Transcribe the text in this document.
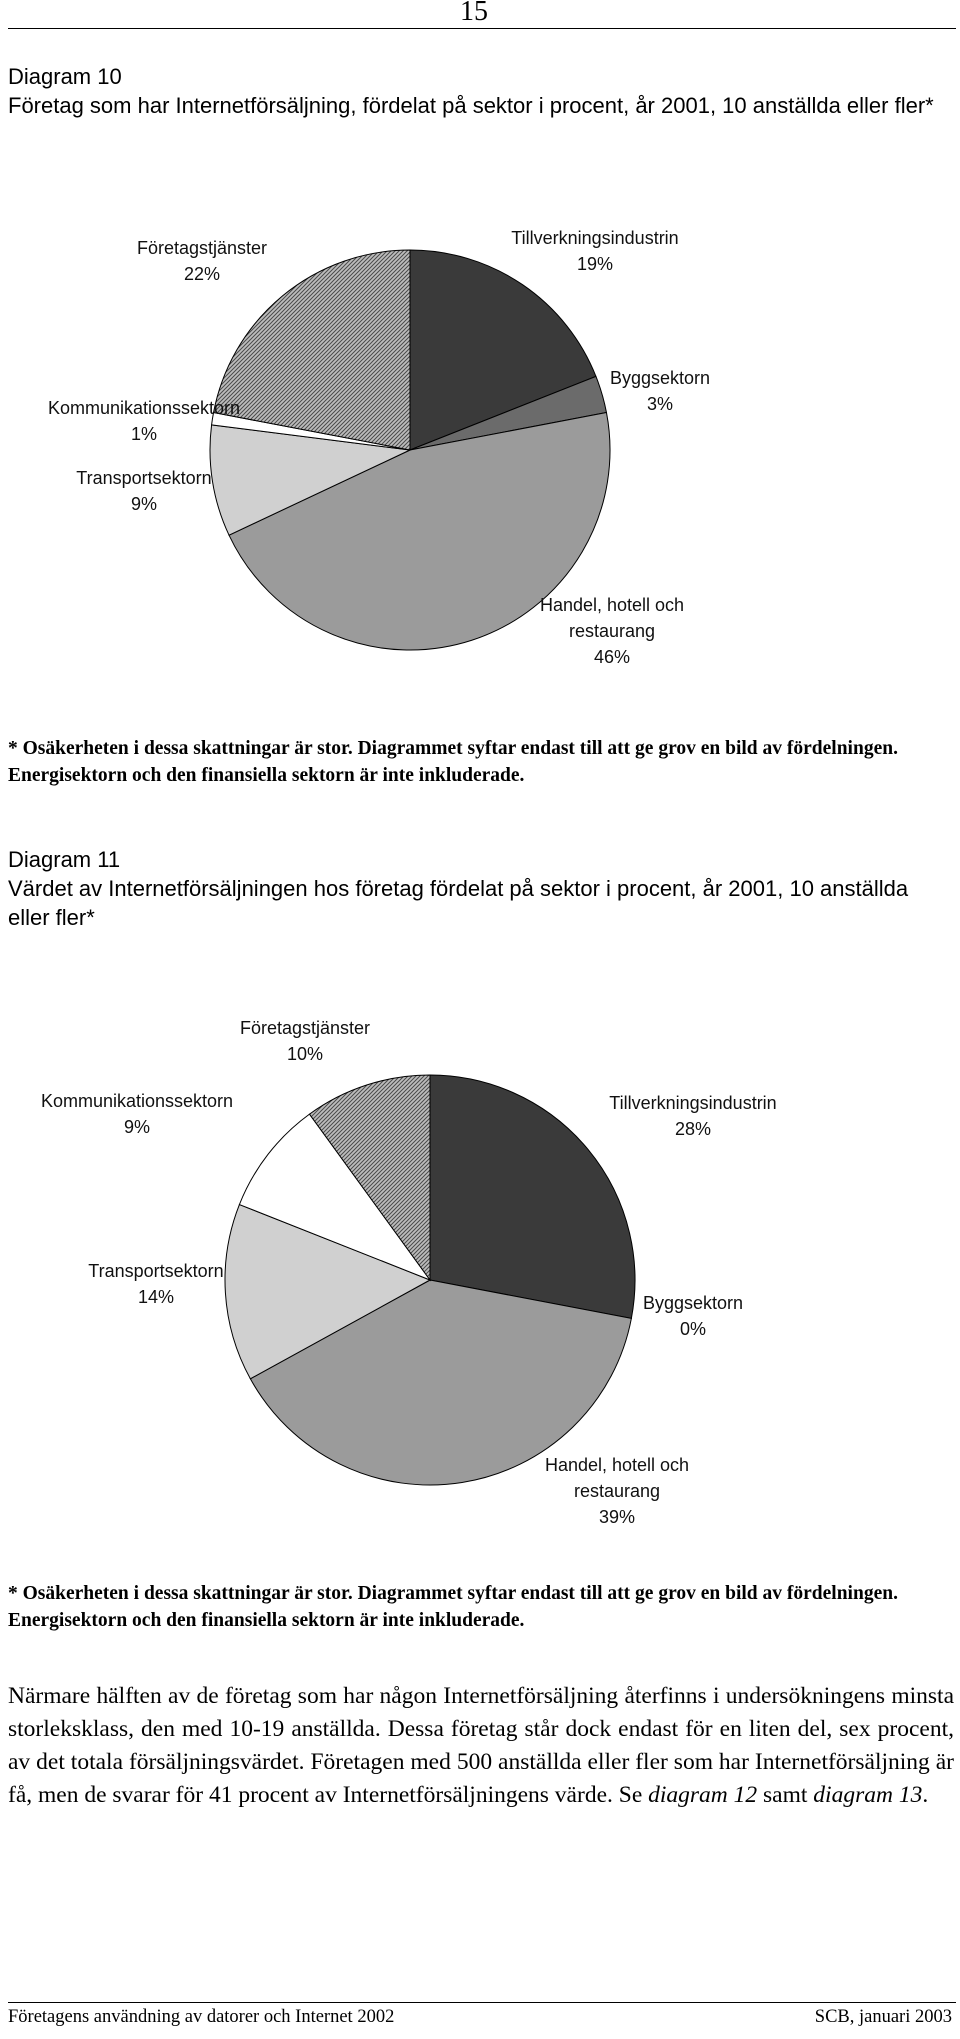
15
Diagram 10
Företag som har Internetförsäljning, fördelat på sektor i procent, år 2001, 10 anställda eller fler*
Tillverkningsindustrin
19%
Byggsektorn
3%
Handel, hotell och
restaurang
46%
Transportsektorn
9%
Kommunikationssektorn
1%
Företagstjänster
22%

* Osäkerheten i dessa skattningar är stor. Diagrammet syftar endast till att ge grov en bild av fördelningen. Energisektorn och den finansiella sektorn är inte inkluderade.

Diagram 11
Värdet av Internetförsäljningen hos företag fördelat på sektor i procent, år 2001, 10 anställda eller fler*
Tillverkningsindustrin
28%
Byggsektorn
0%
Handel, hotell och
restaurang
39%
Transportsektorn
14%
Kommunikationssektorn
9%
Företagstjänster
10%

* Osäkerheten i dessa skattningar är stor. Diagrammet syftar endast till att ge grov en bild av fördelningen. Energisektorn och den finansiella sektorn är inte inkluderade.

Närmare hälften av de företag som har någon Internetförsäljning återfinns i undersökningens minsta storleksklass, den med 10-19 anställda. Dessa företag står dock endast för en liten del, sex procent, av det totala försäljningsvärdet. Företagen med 500 anställda eller fler som har Internetförsäljning är få, men de svarar för 41 procent av Internetförsäljningens värde. Se diagram 12 samt diagram 13.

Företagens användning av datorer och Internet 2002	SCB, januari 2003
